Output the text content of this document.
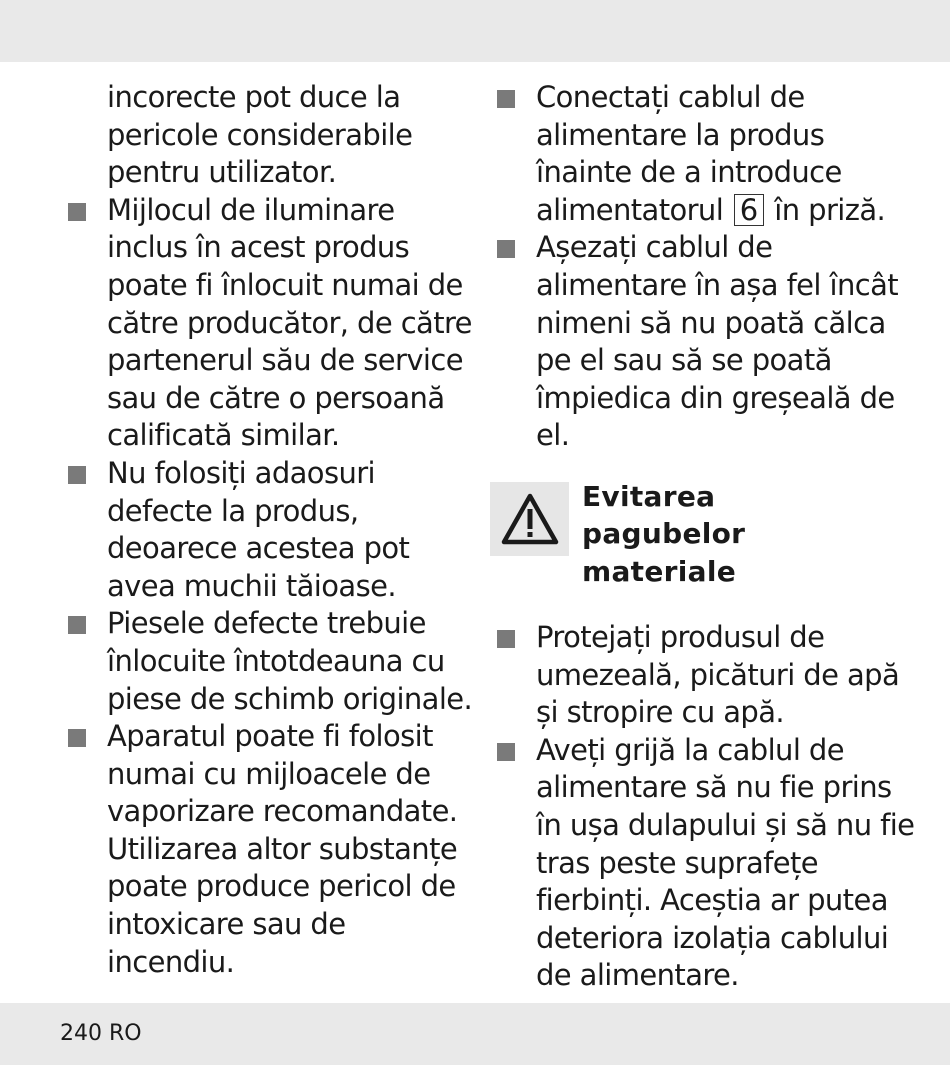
incorecte pot duce la pericole considerabile pentru utilizator.

Mijlocul de iluminare inclus în acest produs poate fi înlocuit numai de către producător, de către partenerul său de service sau de către o persoană calificată similar.

Nu folosiți adaosuri defecte la produs, deoarece acestea pot avea muchii tăioase.

Piesele defecte trebuie înlocuite întotdeauna cu piese de schimb originale.

Aparatul poate fi folosit numai cu mijloacele de vaporizare recomandate. Utilizarea altor substanțe poate produce pericol de intoxicare sau de incendiu.

Conectați cablul de alimentare la produs înainte de a introduce alimentatorul 6 în priză.

Așezați cablul de alimentare în așa fel încât nimeni să nu poată călca pe el sau să se poată împiedica din greșeală de el.

Evitarea
pagubelor
materiale

Protejați produsul de umezeală, picături de apă și stropire cu apă.

Aveți grijă la cablul de alimentare să nu fie prins în ușa dulapului și să nu fie tras peste suprafețe fierbinți. Aceștia ar putea deteriora izolația cablului de alimentare.

240 RO
